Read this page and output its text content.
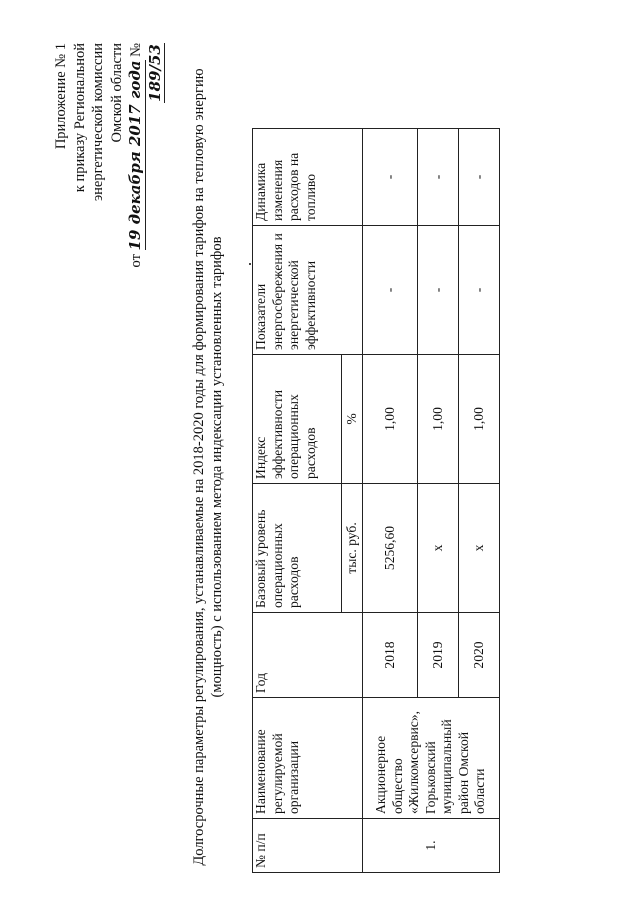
Приложение № 1 к приказу Региональной энергетической комиссии Омской области
от 19 декабря 2017 года № 189/53 Долгосрочные параметры регулирования, устанавливаемые на 2018-2020 годы для формирования тарифов на тепловую энергию (мощность) с использованием метода индексации установленных тарифов
№ п/п	Наименование регулируемой организации	Год	Базовый уровень операционных расходов	Индекс эффективности операционных расходов	Показатели энергосбережения и энергетической эффективности	Динамика изменения расходов на топливо
			тыс. руб.	%		
1.	Акционерное общество «Жилкомсервис», Горьковский муниципальный район Омской области	2018	5256,60	1,00	-	-
		2019	х	1,00	-	-
		2020	х	1,00	-	-
